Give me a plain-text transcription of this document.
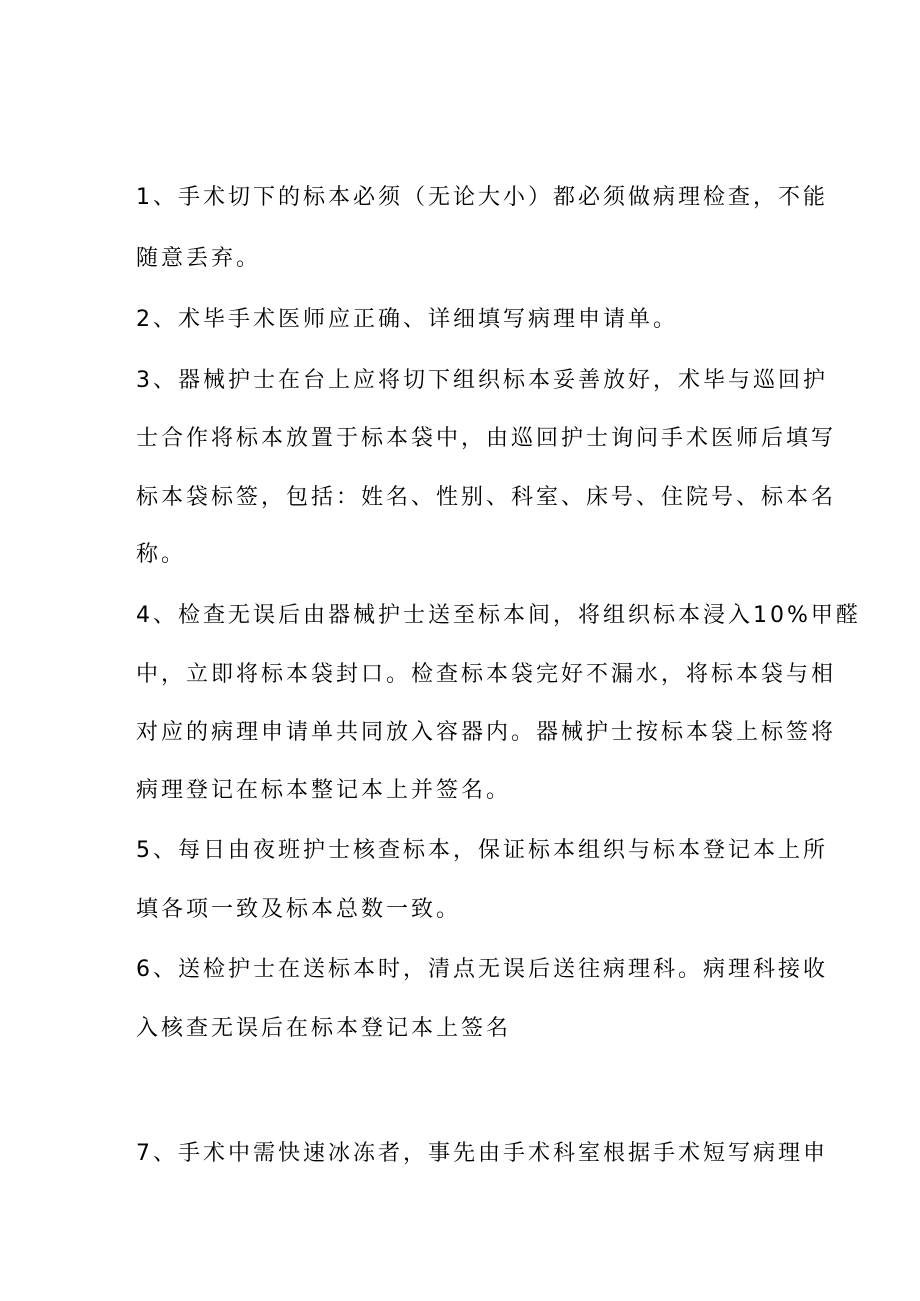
1、手术切下的标本必须（无论大小）都必须做病理检查，不能
随意丢弃。
2、术毕手术医师应正确、详细填写病理申请单。
3、器械护士在台上应将切下组织标本妥善放好，术毕与巡回护
士合作将标本放置于标本袋中，由巡回护士询问手术医师后填写
标本袋标签，包括：姓名、性别、科室、床号、住院号、标本名
称。
4、检查无误后由器械护士送至标本间，将组织标本浸入10%甲醛
中，立即将标本袋封口。检查标本袋完好不漏水，将标本袋与相
对应的病理申请单共同放入容器内。器械护士按标本袋上标签将
病理登记在标本整记本上并签名。
5、每日由夜班护士核查标本，保证标本组织与标本登记本上所
填各项一致及标本总数一致。
6、送检护士在送标本时，清点无误后送往病理科。病理科接收
入核查无误后在标本登记本上签名
7、手术中需快速冰冻者，事先由手术科室根据手术短写病理申
